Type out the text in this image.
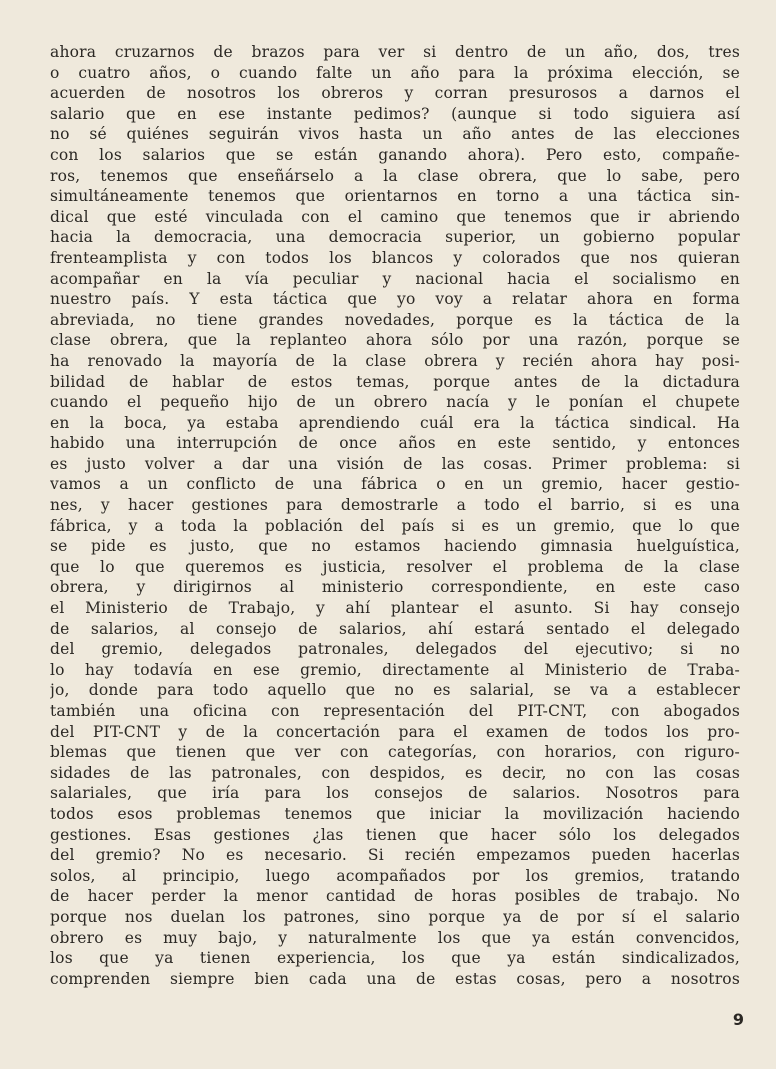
ahora cruzarnos de brazos para ver si dentro de un año, dos, tres
o cuatro años, o cuando falte un año para la próxima elección, se
acuerden de nosotros los obreros y corran presurosos a darnos el
salario que en ese instante pedimos? (aunque si todo siguiera así
no sé quiénes seguirán vivos hasta un año antes de las elecciones
con los salarios que se están ganando ahora). Pero esto, compañe-
ros, tenemos que enseñárselo a la clase obrera, que lo sabe, pero
simultáneamente tenemos que orientarnos en torno a una táctica sin-
dical que esté vinculada con el camino que tenemos que ir abriendo
hacia la democracia, una democracia superior, un gobierno popular
frenteamplista y con todos los blancos y colorados que nos quieran
acompañar en la vía peculiar y nacional hacia el socialismo en
nuestro país. Y esta táctica que yo voy a relatar ahora en forma
abreviada, no tiene grandes novedades, porque es la táctica de la
clase obrera, que la replanteo ahora sólo por una razón, porque se
ha renovado la mayoría de la clase obrera y recién ahora hay posi-
bilidad de hablar de estos temas, porque antes de la dictadura
cuando el pequeño hijo de un obrero nacía y le ponían el chupete
en la boca, ya estaba aprendiendo cuál era la táctica sindical. Ha
habido una interrupción de once años en este sentido, y entonces
es justo volver a dar una visión de las cosas. Primer problema: si
vamos a un conflicto de una fábrica o en un gremio, hacer gestio-
nes, y hacer gestiones para demostrarle a todo el barrio, si es una
fábrica, y a toda la población del país si es un gremio, que lo que
se pide es justo, que no estamos haciendo gimnasia huelguística,
que lo que queremos es justicia, resolver el problema de la clase
obrera, y dirigirnos al ministerio correspondiente, en este caso
el Ministerio de Trabajo, y ahí plantear el asunto. Si hay consejo
de salarios, al consejo de salarios, ahí estará sentado el delegado
del gremio, delegados patronales, delegados del ejecutivo; si no
lo hay todavía en ese gremio, directamente al Ministerio de Traba-
jo, donde para todo aquello que no es salarial, se va a establecer
también una oficina con representación del PIT-CNT, con abogados
del PIT-CNT y de la concertación para el examen de todos los pro-
blemas que tienen que ver con categorías, con horarios, con riguro-
sidades de las patronales, con despidos, es decir, no con las cosas
salariales, que iría para los consejos de salarios. Nosotros para
todos esos problemas tenemos que iniciar la movilización haciendo
gestiones. Esas gestiones ¿las tienen que hacer sólo los delegados
del gremio? No es necesario. Si recién empezamos pueden hacerlas
solos, al principio, luego acompañados por los gremios, tratando
de hacer perder la menor cantidad de horas posibles de trabajo. No
porque nos duelan los patrones, sino porque ya de por sí el salario
obrero es muy bajo, y naturalmente los que ya están convencidos,
los que ya tienen experiencia, los que ya están sindicalizados,
comprenden siempre bien cada una de estas cosas, pero a nosotros
9
